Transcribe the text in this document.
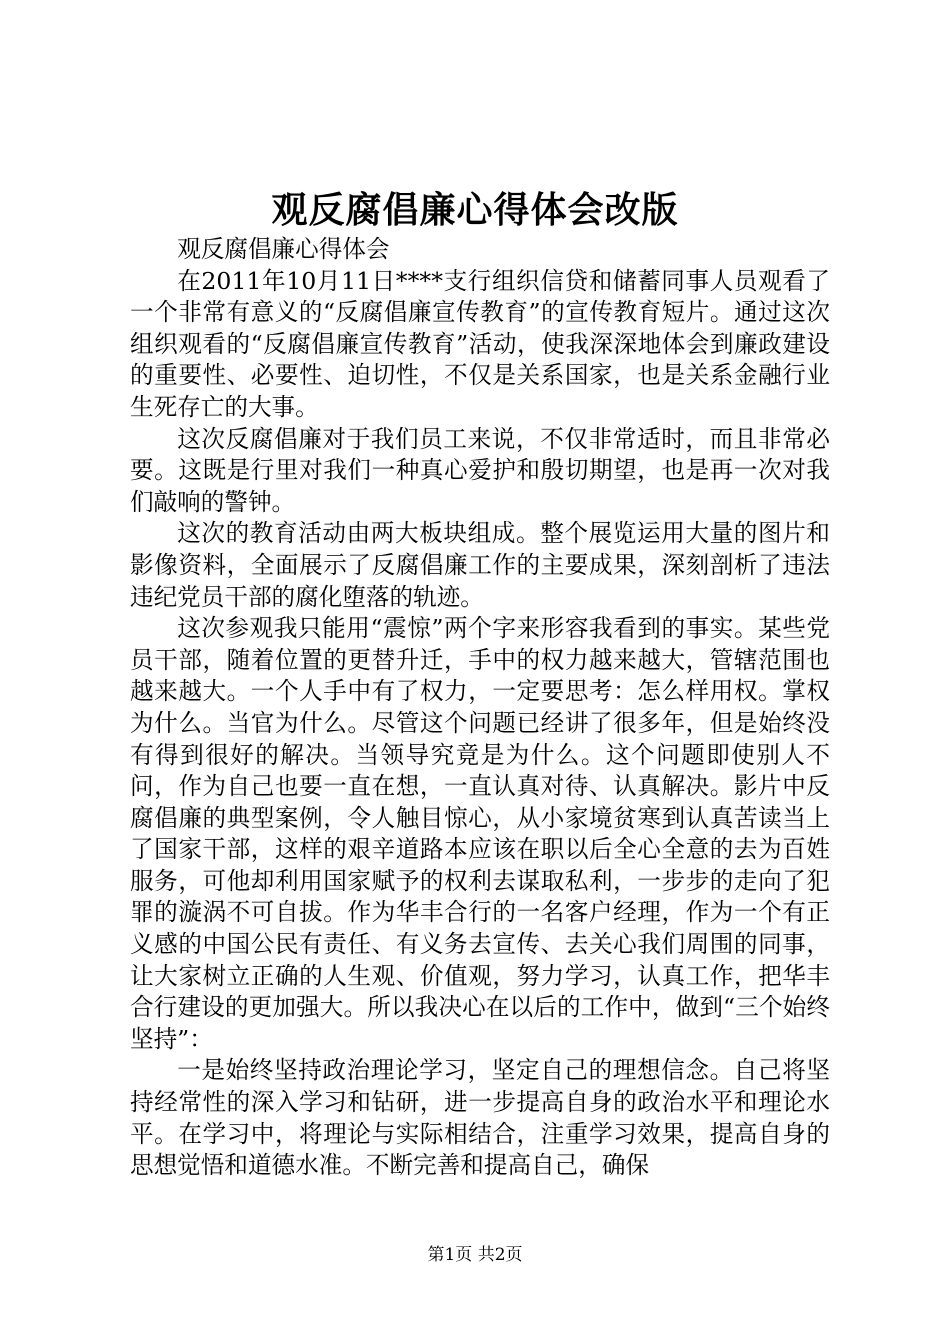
观反腐倡廉心得体会改版

观反腐倡廉心得体会

在2011年10月11日****支行组织信贷和储蓄同事人员观看了一个非常有意义的“反腐倡廉宣传教育”的宣传教育短片。通过这次组织观看的“反腐倡廉宣传教育”活动，使我深深地体会到廉政建设的重要性、必要性、迫切性，不仅是关系国家，也是关系金融行业生死存亡的大事。

这次反腐倡廉对于我们员工来说，不仅非常适时，而且非常必要。这既是行里对我们一种真心爱护和殷切期望，也是再一次对我们敲响的警钟。

这次的教育活动由两大板块组成。整个展览运用大量的图片和影像资料，全面展示了反腐倡廉工作的主要成果，深刻剖析了违法违纪党员干部的腐化堕落的轨迹。

这次参观我只能用“震惊”两个字来形容我看到的事实。某些党员干部，随着位置的更替升迁，手中的权力越来越大，管辖范围也越来越大。一个人手中有了权力，一定要思考：怎么样用权。掌权为什么。当官为什么。尽管这个问题已经讲了很多年，但是始终没有得到很好的解决。当领导究竟是为什么。这个问题即使别人不问，作为自己也要一直在想，一直认真对待、认真解决。影片中反腐倡廉的典型案例，令人触目惊心，从小家境贫寒到认真苦读当上了国家干部，这样的艰辛道路本应该在职以后全心全意的去为百姓服务，可他却利用国家赋予的权利去谋取私利，一步步的走向了犯罪的漩涡不可自拔。作为华丰合行的一名客户经理，作为一个有正义感的中国公民有责任、有义务去宣传、去关心我们周围的同事，让大家树立正确的人生观、价值观，努力学习，认真工作，把华丰合行建设的更加强大。所以我决心在以后的工作中，做到“三个始终坚持”：

一是始终坚持政治理论学习，坚定自己的理想信念。自己将坚持经常性的深入学习和钻研，进一步提高自身的政治水平和理论水平。在学习中，将理论与实际相结合，注重学习效果，提高自身的思想觉悟和道德水准。不断完善和提高自己，确保

第1页 共2页
